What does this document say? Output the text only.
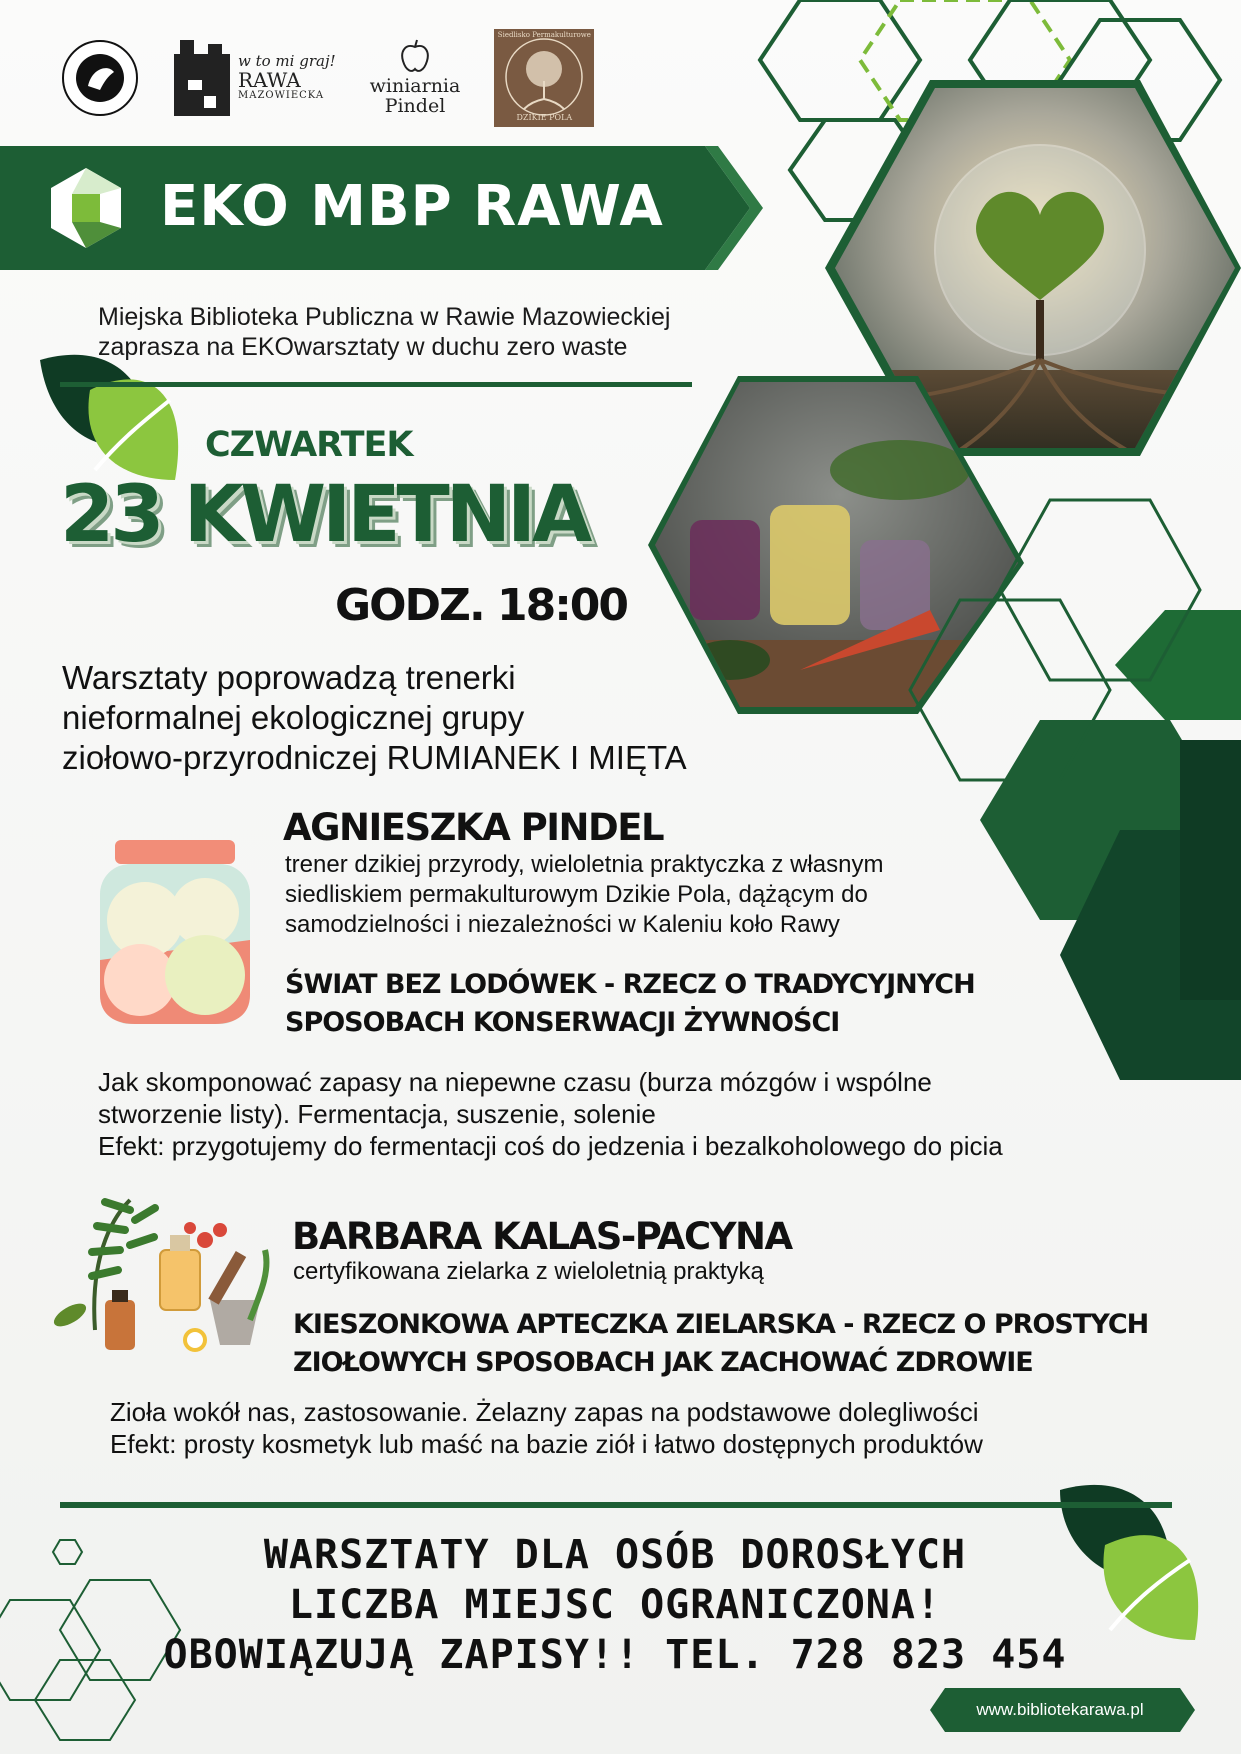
w to mi graj!
RAWA
MAZOWIECKA	winiarnia
Pindel
Siedlisko Permakulturowe
DZIKIE POLA
EKO MBP RAWA
Miejska Biblioteka Publiczna w Rawie Mazowieckiej
zaprasza na EKOwarsztaty w duchu zero waste
CZWARTEK
23 KWIETNIA
GODZ. 18:00
Warsztaty poprowadzą trenerki
nieformalnej ekologicznej grupy
ziołowo-przyrodniczej RUMIANEK I MIĘTA
AGNIESZKA PINDEL
trener dzikiej przyrody, wieloletnia praktyczka z własnym
siedliskiem permakulturowym Dzikie Pola, dążącym do
samodzielności i niezależności w Kaleniu koło Rawy
ŚWIAT BEZ LODÓWEK - RZECZ O TRADYCYJNYCH
SPOSOBACH KONSERWACJI ŻYWNOŚCI
Jak skomponować zapasy na niepewne czasu (burza mózgów i wspólne
stworzenie listy). Fermentacja, suszenie, solenie
Efekt: przygotujemy do fermentacji coś do jedzenia i bezalkoholowego do picia
BARBARA KALAS-PACYNA
certyfikowana zielarka z wieloletnią praktyką
KIESZONKOWA APTECZKA ZIELARSKA - RZECZ O PROSTYCH
ZIOŁOWYCH SPOSOBACH JAK ZACHOWAĆ ZDROWIE
Zioła wokół nas, zastosowanie. Żelazny zapas na podstawowe dolegliwości
Efekt: prosty kosmetyk lub maść na bazie ziół i łatwo dostępnych produktów
WARSZTATY DLA OSÓB DOROSŁYCH
LICZBA MIEJSC OGRANICZONA!
OBOWIĄZUJĄ ZAPISY!! TEL. 728 823 454
www.bibliotekarawa.pl
